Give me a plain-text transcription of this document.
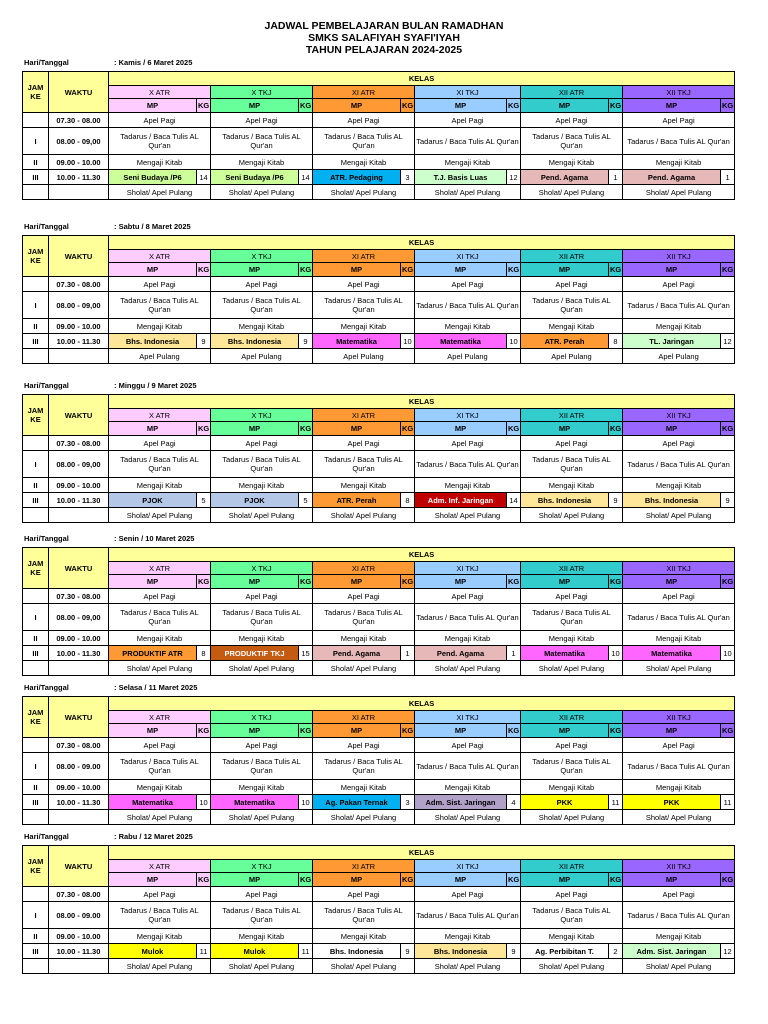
JADWAL PEMBELAJARAN BULAN RAMADHAN
SMKS SALAFIYAH SYAFI'IYAH
TAHUN PELAJARAN 2024-2025
Hari/Tanggal	: Kamis / 6 Maret 2025
JAM
KE	WAKTU	KELAS											
		X ATR		X TKJ		XI ATR		XI TKJ		XII ATR		XII TKJ	
		MP	KG	MP	KG	MP	KG	MP	KG	MP	KG	MP	KG
	07.30 - 08.00	Apel Pagi		Apel Pagi		Apel Pagi		Apel Pagi		Apel Pagi		Apel Pagi	
I	08.00 - 09,00	Tadarus / Baca Tulis AL Qur'an		Tadarus / Baca Tulis AL Qur'an		Tadarus / Baca Tulis AL Qur'an		Tadarus / Baca Tulis AL Qur'an		Tadarus / Baca Tulis AL Qur'an		Tadarus / Baca Tulis AL Qur'an	
II	09.00 - 10.00	Mengaji Kitab		Mengaji Kitab		Mengaji Kitab		Mengaji Kitab		Mengaji Kitab		Mengaji Kitab	
III	10.00 - 11.30	Seni Budaya /P6	14	Seni Budaya /P6	14	ATR. Pedaging	3	T.J. Basis Luas	12	Pend. Agama	1	Pend. Agama	1
		Sholat/ Apel Pulang		Sholat/ Apel Pulang		Sholat/ Apel Pulang		Sholat/ Apel Pulang		Sholat/ Apel Pulang		Sholat/ Apel Pulang	
Hari/Tanggal	: Sabtu / 8 Maret 2025
JAM
KE	WAKTU	KELAS											
		X ATR		X TKJ		XI ATR		XI TKJ		XII ATR		XII TKJ	
		MP	KG	MP	KG	MP	KG	MP	KG	MP	KG	MP	KG
	07.30 - 08.00	Apel Pagi		Apel Pagi		Apel Pagi		Apel Pagi		Apel Pagi		Apel Pagi	
I	08.00 - 09,00	Tadarus / Baca Tulis AL Qur'an		Tadarus / Baca Tulis AL Qur'an		Tadarus / Baca Tulis AL Qur'an		Tadarus / Baca Tulis AL Qur'an		Tadarus / Baca Tulis AL Qur'an		Tadarus / Baca Tulis AL Qur'an	
II	09.00 - 10.00	Mengaji Kitab		Mengaji Kitab		Mengaji Kitab		Mengaji Kitab		Mengaji Kitab		Mengaji Kitab	
III	10.00 - 11.30	Bhs. Indonesia	9	Bhs. Indonesia	9	Matematika	10	Matematika	10	ATR. Perah	8	TL. Jaringan	12
		Apel Pulang		Apel Pulang		Apel Pulang		Apel Pulang		Apel Pulang		Apel Pulang	
Hari/Tanggal	: Minggu / 9 Maret 2025
JAM
KE	WAKTU	KELAS											
		X ATR		X TKJ		XI ATR		XI TKJ		XII ATR		XII TKJ	
		MP	KG	MP	KG	MP	KG	MP	KG	MP	KG	MP	KG
	07.30 - 08.00	Apel Pagi		Apel Pagi		Apel Pagi		Apel Pagi		Apel Pagi		Apel Pagi	
I	08.00 - 09,00	Tadarus / Baca Tulis AL Qur'an		Tadarus / Baca Tulis AL Qur'an		Tadarus / Baca Tulis AL Qur'an		Tadarus / Baca Tulis AL Qur'an		Tadarus / Baca Tulis AL Qur'an		Tadarus / Baca Tulis AL Qur'an	
II	09.00 - 10.00	Mengaji Kitab		Mengaji Kitab		Mengaji Kitab		Mengaji Kitab		Mengaji Kitab		Mengaji Kitab	
III	10.00 - 11.30	PJOK	5	PJOK	5	ATR. Perah	8	Adm. Inf. Jaringan	14	Bhs. Indonesia	9	Bhs. Indonesia	9
		Sholat/ Apel Pulang		Sholat/ Apel Pulang		Sholat/ Apel Pulang		Sholat/ Apel Pulang		Sholat/ Apel Pulang		Sholat/ Apel Pulang	
Hari/Tanggal	: Senin / 10 Maret 2025
JAM
KE	WAKTU	KELAS											
		X ATR		X TKJ		XI ATR		XI TKJ		XII ATR		XII TKJ	
		MP	KG	MP	KG	MP	KG	MP	KG	MP	KG	MP	KG
	07.30 - 08.00	Apel Pagi		Apel Pagi		Apel Pagi		Apel Pagi		Apel Pagi		Apel Pagi	
I	08.00 - 09,00	Tadarus / Baca Tulis AL Qur'an		Tadarus / Baca Tulis AL Qur'an		Tadarus / Baca Tulis AL Qur'an		Tadarus / Baca Tulis AL Qur'an		Tadarus / Baca Tulis AL Qur'an		Tadarus / Baca Tulis AL Qur'an	
II	09.00 - 10.00	Mengaji Kitab		Mengaji Kitab		Mengaji Kitab		Mengaji Kitab		Mengaji Kitab		Mengaji Kitab	
III	10.00 - 11.30	PRODUKTIF ATR	8	PRODUKTIF TKJ	15	Pend. Agama	1	Pend. Agama	1	Matematika	10	Matematika	10
		Sholat/ Apel Pulang		Sholat/ Apel Pulang		Sholat/ Apel Pulang		Sholat/ Apel Pulang		Sholat/ Apel Pulang		Sholat/ Apel Pulang	
Hari/Tanggal	: Selasa / 11 Maret 2025
JAM
KE	WAKTU	KELAS											
		X ATR		X TKJ		XI ATR		XI TKJ		XII ATR		XII TKJ	
		MP	KG	MP	KG	MP	KG	MP	KG	MP	KG	MP	KG
	07.30 - 08.00	Apel Pagi		Apel Pagi		Apel Pagi		Apel Pagi		Apel Pagi		Apel Pagi	
I	08.00 - 09.00	Tadarus / Baca Tulis AL Qur'an		Tadarus / Baca Tulis AL Qur'an		Tadarus / Baca Tulis AL Qur'an		Tadarus / Baca Tulis AL Qur'an		Tadarus / Baca Tulis AL Qur'an		Tadarus / Baca Tulis AL Qur'an	
II	09.00 - 10.00	Mengaji Kitab		Mengaji Kitab		Mengaji Kitab		Mengaji Kitab		Mengaji Kitab		Mengaji Kitab	
III	10.00 - 11.30	Matematika	10	Matematika	10	Ag. Pakan Ternak	3	Adm. Sist. Jaringan	4	PKK	11	PKK	11
		Sholat/ Apel Pulang		Sholat/ Apel Pulang		Sholat/ Apel Pulang		Sholat/ Apel Pulang		Sholat/ Apel Pulang		Sholat/ Apel Pulang	
Hari/Tanggal	: Rabu / 12 Maret 2025
JAM
KE	WAKTU	KELAS											
		X ATR		X TKJ		XI ATR		XI TKJ		XII ATR		XII TKJ	
		MP	KG	MP	KG	MP	KG	MP	KG	MP	KG	MP	KG
	07.30 - 08.00	Apel Pagi		Apel Pagi		Apel Pagi		Apel Pagi		Apel Pagi		Apel Pagi	
I	08.00 - 09.00	Tadarus / Baca Tulis AL Qur'an		Tadarus / Baca Tulis AL Qur'an		Tadarus / Baca Tulis AL Qur'an		Tadarus / Baca Tulis AL Qur'an		Tadarus / Baca Tulis AL Qur'an		Tadarus / Baca Tulis AL Qur'an	
II	09.00 - 10.00	Mengaji Kitab		Mengaji Kitab		Mengaji Kitab		Mengaji Kitab		Mengaji Kitab		Mengaji Kitab	
III	10.00 - 11.30	Mulok	11	Mulok	11	Bhs. Indonesia	9	Bhs. Indonesia	9	Ag. Perbibitan T.	2	Adm. Sist. Jaringan	12
		Sholat/ Apel Pulang		Sholat/ Apel Pulang		Sholat/ Apel Pulang		Sholat/ Apel Pulang		Sholat/ Apel Pulang		Sholat/ Apel Pulang	
